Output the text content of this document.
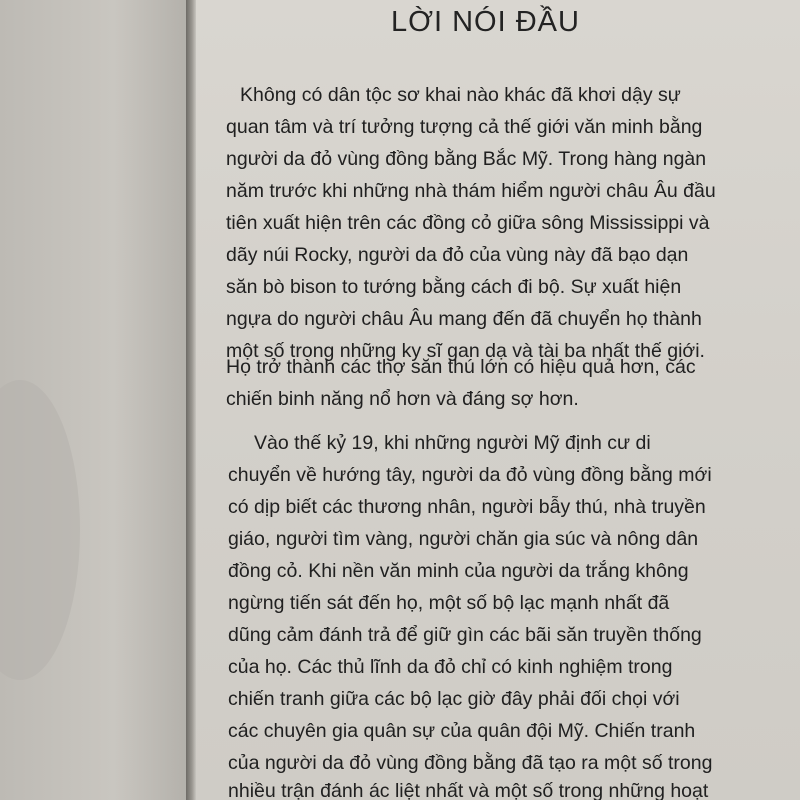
LỜI NÓI ĐẦU
Không có dân tộc sơ khai nào khác đã khơi dậy sự
quan tâm và trí tưởng tượng cả thế giới văn minh bằng
người da đỏ vùng đồng bằng Bắc Mỹ. Trong hàng ngàn
năm trước khi những nhà thám hiểm người châu Âu đầu
tiên xuất hiện trên các đồng cỏ giữa sông Mississippi và
dãy núi Rocky, người da đỏ của vùng này đã bạo dạn
săn bò bison to tướng bằng cách đi bộ. Sự xuất hiện
ngựa do người châu Âu mang đến đã chuyển họ thành
một số trong những ky sĩ gan dạ và tài ba nhất thế giới.
Họ trở thành các thợ săn thú lớn có hiệu quả hơn, các
chiến binh năng nổ hơn và đáng sợ hơn.
Vào thế kỷ 19, khi những người Mỹ định cư di
chuyển về hướng tây, người da đỏ vùng đồng bằng mới
có dịp biết các thương nhân, người bẫy thú, nhà truyền
giáo, người tìm vàng, người chăn gia súc và nông dân
đồng cỏ. Khi nền văn minh của người da trắng không
ngừng tiến sát đến họ, một số bộ lạc mạnh nhất đã
dũng cảm đánh trả để giữ gìn các bãi săn truyền thống
của họ. Các thủ lĩnh da đỏ chỉ có kinh nghiệm trong
chiến tranh giữa các bộ lạc giờ đây phải đối chọi với
các chuyên gia quân sự của quân đội Mỹ. Chiến tranh
của người da đỏ vùng đồng bằng đã tạo ra một số trong
nhiều trận đánh ác liệt nhất và một số trong những hoạt
